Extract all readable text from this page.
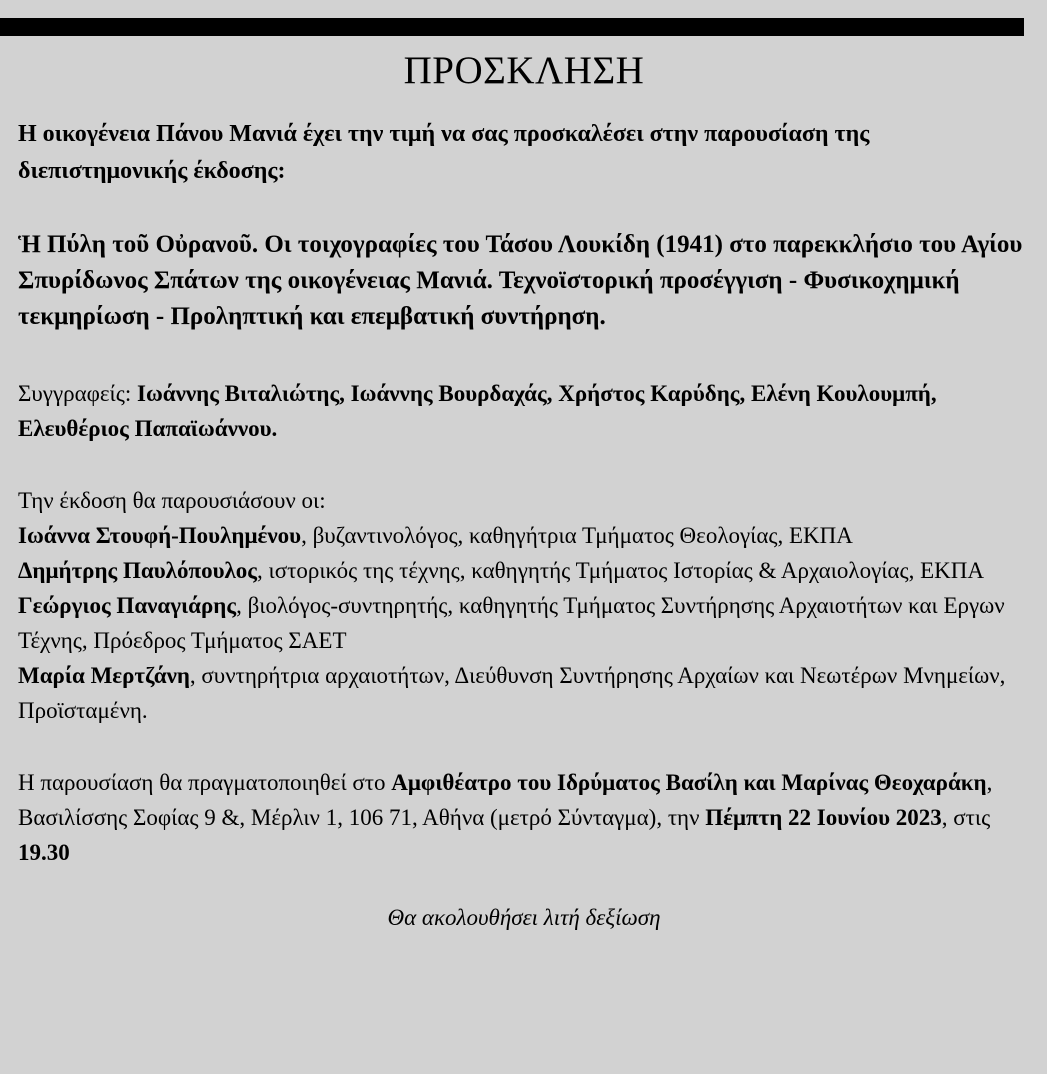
ΠΡΟΣΚΛΗΣΗ

Η οικογένεια Πάνου Μανιά έχει την τιμή να σας προσκαλέσει στην παρουσίαση της διεπιστημονικής έκδοσης:

Ἡ Πύλη τοῦ Οὐρανοῦ. Οι τοιχογραφίες του Τάσου Λουκίδη (1941) στο παρεκκλήσιο του Αγίου Σπυρίδωνος Σπάτων της οικογένειας Μανιά. Τεχνοϊστορική προσέγγιση - Φυσικοχημική τεκμηρίωση - Προληπτική και επεμβατική συντήρηση.

Συγγραφείς: Ιωάννης Βιταλιώτης, Ιωάννης Βουρδαχάς, Χρήστος Καρύδης, Ελένη Κουλουμπή, Ελευθέριος Παπαϊωάννου.

Την έκδοση θα παρουσιάσουν οι:

Ιωάννα Στουφή-Πουλημένου, βυζαντινολόγος, καθηγήτρια Τμήματος Θεολογίας, ΕΚΠΑ

Δημήτρης Παυλόπουλος, ιστορικός της τέχνης, καθηγητής Τμήματος Ιστορίας & Αρχαιολογίας, ΕΚΠΑ

Γεώργιος Παναγιάρης, βιολόγος-συντηρητής, καθηγητής Τμήματος Συντήρησης Αρχαιοτήτων και Εργων Τέχνης, Πρόεδρος Τμήματος ΣΑΕΤ

Μαρία Μερτζάνη, συντηρήτρια αρχαιοτήτων, Διεύθυνση Συντήρησης Αρχαίων και Νεωτέρων Μνημείων, Προϊσταμένη.

Η παρουσίαση θα πραγματοποιηθεί στο Αμφιθέατρο του Ιδρύματος Βασίλη και Μαρίνας Θεοχαράκη, Βασιλίσσης Σοφίας 9 &, Μέρλιν 1, 106 71, Αθήνα (μετρό Σύνταγμα), την Πέμπτη 22 Ιουνίου 2023, στις 19.30

Θα ακολουθήσει λιτή δεξίωση
